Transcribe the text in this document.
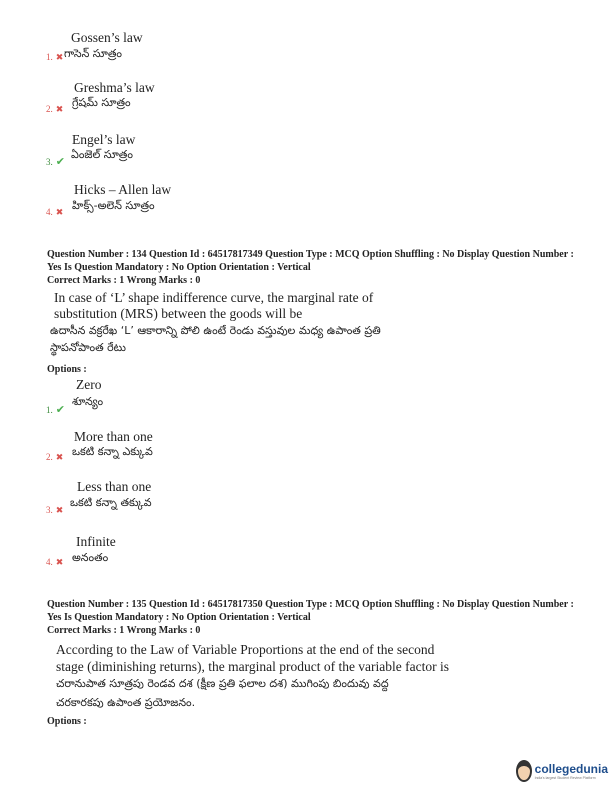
Gossen’s law
గాసెన్ సూత్రం
1. ✖
Greshma’s law
గ్రేషమ్ సూత్రం
2. ✖
Engel’s law
ఏంజెల్ సూత్రం
3. ✔
Hicks – Allen law
హిక్స్-అలెన్ సూత్రం
4. ✖
Question Number : 134 Question Id : 64517817349 Question Type : MCQ Option Shuffling : No Display Question Number :
Yes Is Question Mandatory : No Option Orientation : Vertical
Correct Marks : 1 Wrong Marks : 0
In case of ‘L’ shape indifference curve, the marginal rate of
substitution (MRS) between the goods will be
ఉదాసీన వక్రరేఖ ‘L’ ఆకారాన్ని పోలి ఉంటే రెండు వస్తువుల మధ్య ఉపాంత ప్రతి
స్థాపనోపాంత రేటు
Options :
Zero
శూన్యం
1. ✔
More than one
ఒకటి కన్నా ఎక్కువ
2. ✖
Less than one
ఒకటి కన్నా తక్కువ
3. ✖
Infinite
అనంతం
4. ✖
Question Number : 135 Question Id : 64517817350 Question Type : MCQ Option Shuffling : No Display Question Number :
Yes Is Question Mandatory : No Option Orientation : Vertical
Correct Marks : 1 Wrong Marks : 0
According to the Law of Variable Proportions at the end of the second
stage (diminishing returns), the marginal product of the variable factor is
చరానుపాత సూత్రపు రెండవ దశ (క్షీణ ప్రతి ఫలాల దశ) ముగింపు బిందువు వద్ద
చరకారకపు ఉపాంత ప్రయోజనం.
Options :
collegedunia
India's largest Student Review Platform
